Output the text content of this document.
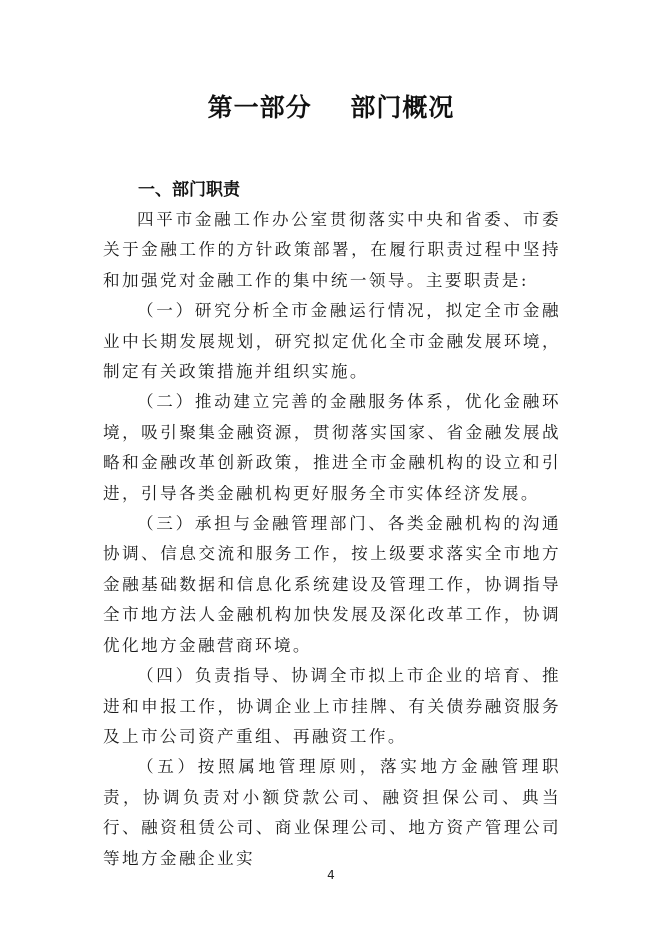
第一部分    部门概况
一、部门职责

四平市金融工作办公室贯彻落实中央和省委、市委关于金融工作的方针政策部署，在履行职责过程中坚持和加强党对金融工作的集中统一领导。主要职责是:

（一）研究分析全市金融运行情况，拟定全市金融业中长期发展规划，研究拟定优化全市金融发展环境，制定有关政策措施并组织实施。

（二）推动建立完善的金融服务体系，优化金融环境，吸引聚集金融资源，贯彻落实国家、省金融发展战略和金融改革创新政策，推进全市金融机构的设立和引进，引导各类金融机构更好服务全市实体经济发展。

（三）承担与金融管理部门、各类金融机构的沟通协调、信息交流和服务工作，按上级要求落实全市地方金融基础数据和信息化系统建设及管理工作，协调指导全市地方法人金融机构加快发展及深化改革工作，协调优化地方金融营商环境。

（四）负责指导、协调全市拟上市企业的培育、推进和申报工作，协调企业上市挂牌、有关债券融资服务及上市公司资产重组、再融资工作。

（五）按照属地管理原则，落实地方金融管理职责，协调负责对小额贷款公司、融资担保公司、典当行、融资租赁公司、商业保理公司、地方资产管理公司等地方金融企业实

4
